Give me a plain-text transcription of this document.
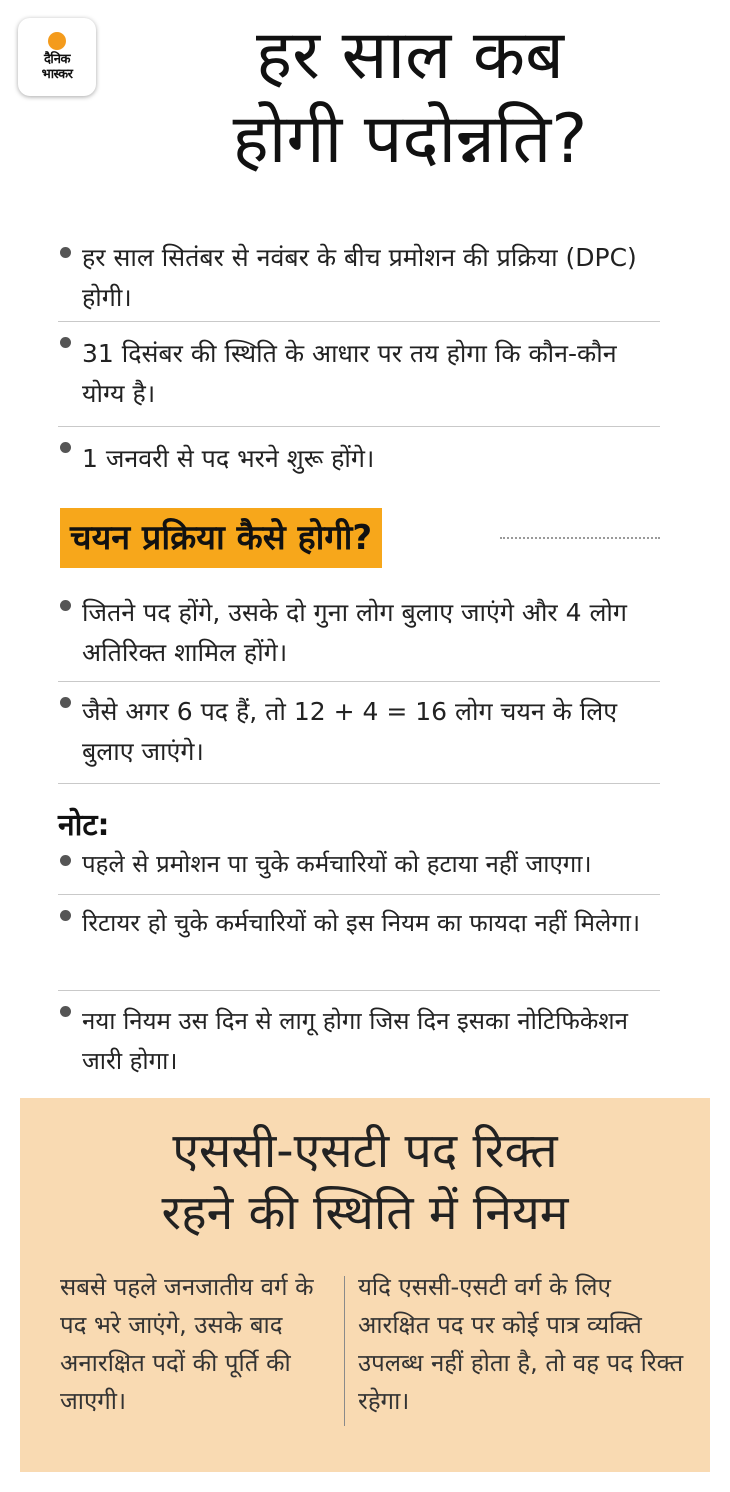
दैनिक
भास्कर	हर साल कब
होगी पदोन्नति?
हर साल सितंबर से नवंबर के बीच प्रमोशन की प्रक्रिया (DPC) होगी।
31 दिसंबर की स्थिति के आधार पर तय होगा कि कौन-कौन योग्य है।
1 जनवरी से पद भरने शुरू होंगे।
चयन प्रक्रिया कैसे होगी?
जितने पद होंगे, उसके दो गुना लोग बुलाए जाएंगे और 4 लोग अतिरिक्त शामिल होंगे।
जैसे अगर 6 पद हैं, तो 12 + 4 = 16 लोग चयन के लिए बुलाए जाएंगे।
नोट:
पहले से प्रमोशन पा चुके कर्मचारियों को हटाया नहीं जाएगा।
रिटायर हो चुके कर्मचारियों को इस नियम का फायदा नहीं मिलेगा।
नया नियम उस दिन से लागू होगा जिस दिन इसका नोटिफिकेशन जारी होगा।
एससी-एसटी पद रिक्त
रहने की स्थिति में नियम

सबसे पहले जनजातीय वर्ग के पद भरे जाएंगे, उसके बाद अनारक्षित पदों की पूर्ति की जाएगी।

यदि एससी-एसटी वर्ग के लिए आरक्षित पद पर कोई पात्र व्यक्ति उपलब्ध नहीं होता है, तो वह पद रिक्त रहेगा।
